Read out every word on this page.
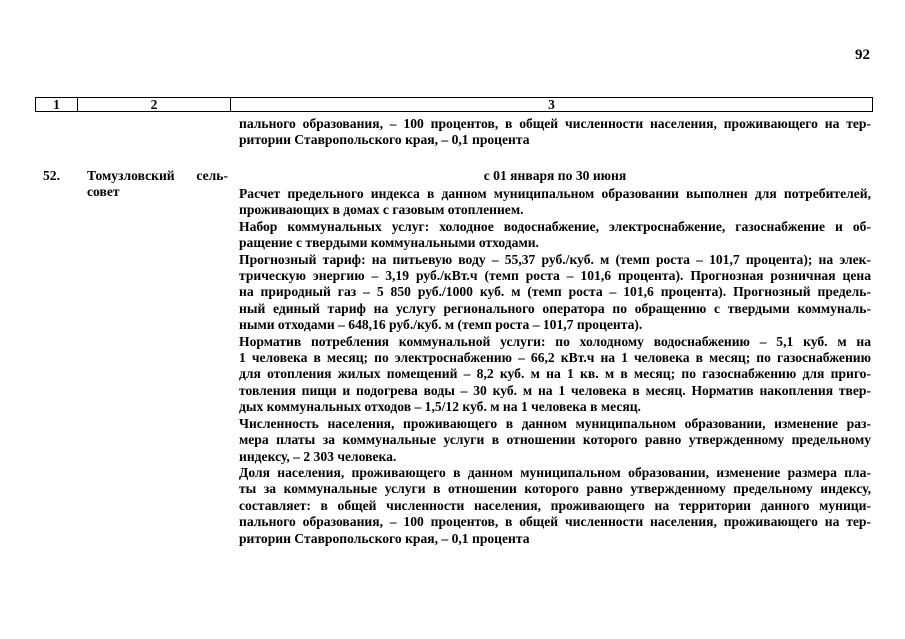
92
1	2	3
пального образования, – 100 процентов, в общей численности населения, проживающего на тер-
ритории Ставропольского края, – 0,1 процента
52. Томузловский сель-
совет
с 01 января по 30 июня
Расчет предельного индекса в данном муниципальном образовании выполнен для потребителей,
проживающих в домах с газовым отоплением.
Набор коммунальных услуг: холодное водоснабжение, электроснабжение, газоснабжение и об-
ращение с твердыми коммунальными отходами.
Прогнозный тариф: на питьевую воду – 55,37 руб./куб. м (темп роста – 101,7 процента); на элек-
трическую энергию – 3,19 руб./кВт.ч (темп роста – 101,6 процента). Прогнозная розничная цена
на природный газ – 5 850 руб./1000 куб. м (темп роста – 101,6 процента). Прогнозный предель-
ный единый тариф на услугу регионального оператора по обращению с твердыми коммуналь-
ными отходами – 648,16 руб./куб. м (темп роста – 101,7 процента).
Норматив потребления коммунальной услуги: по холодному водоснабжению – 5,1 куб. м на
1 человека в месяц; по электроснабжению – 66,2 кВт.ч на 1 человека в месяц; по газоснабжению
для отопления жилых помещений – 8,2 куб. м на 1 кв. м в месяц; по газоснабжению для приго-
товления пищи и подогрева воды – 30 куб. м на 1 человека в месяц. Норматив накопления твер-
дых коммунальных отходов – 1,5/12 куб. м на 1 человека в месяц.
Численность населения, проживающего в данном муниципальном образовании, изменение раз-
мера платы за коммунальные услуги в отношении которого равно утвержденному предельному
индексу, – 2 303 человека.
Доля населения, проживающего в данном муниципальном образовании, изменение размера пла-
ты за коммунальные услуги в отношении которого равно утвержденному предельному индексу,
составляет: в общей численности населения, проживающего на территории данного муници-
пального образования, – 100 процентов, в общей численности населения, проживающего на тер-
ритории Ставропольского края, – 0,1 процента
